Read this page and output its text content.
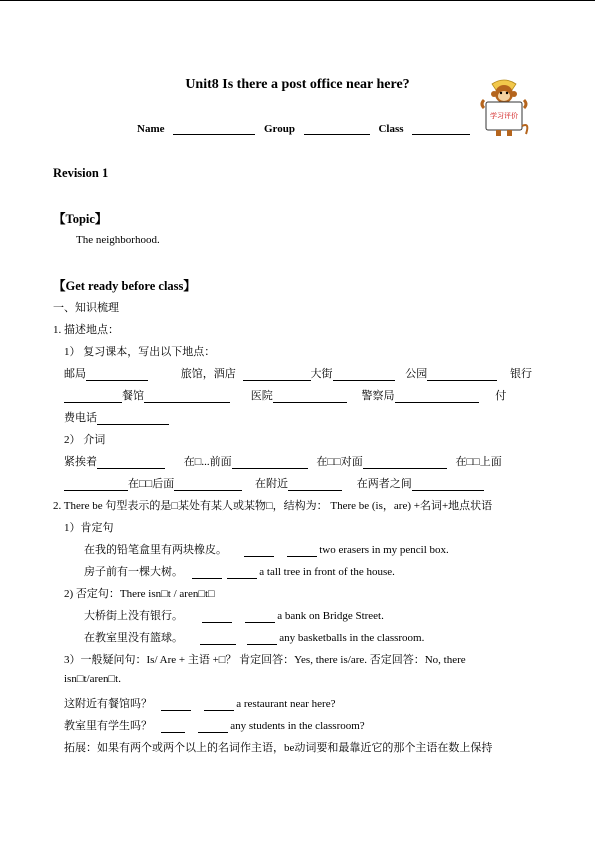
Unit8 Is there a post office near here?
学习评价
Name	Group	Class
Revision 1
【Topic】
The neighborhood.
【Get ready before class】
一、知识梳理
1. 描述地点：
1） 复习课本，写出以下地点：
邮局	旅馆，酒店	大街	公园	银行
餐馆	医院	警察局	付
费电话
2） 介词
紧挨着	在□...前面	在□□对面	在□□上面
在□□后面	在附近	在两者之间
2. There be 句型表示的是□某处有某人或某物□，结构为： There be (is，are) +名词+地点状语
1）肯定句
在我的铅笔盒里有两块橡皮。	two erasers in my pencil box.
房子前有一棵大树。	a tall tree in front of the house.
2) 否定句：There isn□t / aren□t□
大桥街上没有银行。	a bank on Bridge Street.
在教室里没有篮球。	any basketballs in the classroom.
3）一般疑问句：Is/ Are + 主语 +□？ 肯定回答：Yes, there is/are. 否定回答：No, there
isn□t/aren□t.
这附近有餐馆吗？	a restaurant near here?
教室里有学生吗？	any students in the classroom?
拓展：如果有两个或两个以上的名词作主语，be动词要和最靠近它的那个主语在数上保持
